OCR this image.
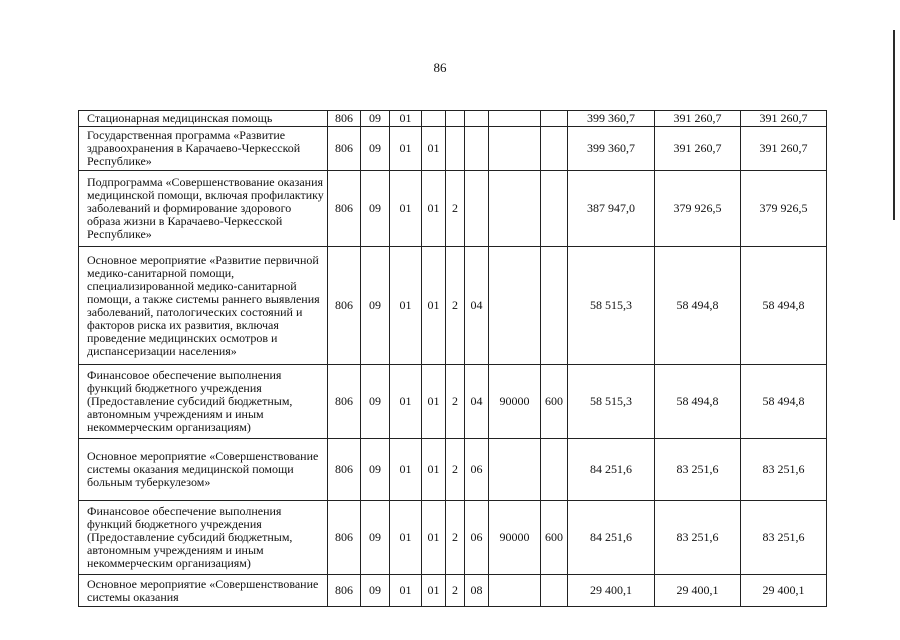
86
Стационарная медицинская помощь	806	09	01						399 360,7	391 260,7	391 260,7
Государственная программа «Развитие здравоохранения в Карачаево-Черкесской Республике»	806	09	01	01					399 360,7	391 260,7	391 260,7
Подпрограмма «Совершенствование оказания медицинской помощи, включая профилактику заболеваний и формирование здорового образа жизни в Карачаево-Черкесской Республике»	806	09	01	01	2				387 947,0	379 926,5	379 926,5
Основное мероприятие «Развитие первичной медико-санитарной помощи, специализированной медико-санитарной помощи, а также системы раннего выявления заболеваний, патологических состояний и факторов риска их развития, включая проведение медицинских осмотров и диспансеризации населения»	806	09	01	01	2	04			58 515,3	58 494,8	58 494,8
Финансовое обеспечение выполнения функций бюджетного учреждения (Предоставление субсидий бюджетным, автономным учреждениям и иным некоммерческим организациям)	806	09	01	01	2	04	90000	600	58 515,3	58 494,8	58 494,8
Основное мероприятие «Совершенствование системы оказания медицинской помощи больным туберкулезом»	806	09	01	01	2	06			84 251,6	83 251,6	83 251,6
Финансовое обеспечение выполнения функций бюджетного учреждения (Предоставление субсидий бюджетным, автономным учреждениям и иным некоммерческим организациям)	806	09	01	01	2	06	90000	600	84 251,6	83 251,6	83 251,6
Основное мероприятие «Совершенствование системы оказания	806	09	01	01	2	08			29 400,1	29 400,1	29 400,1
